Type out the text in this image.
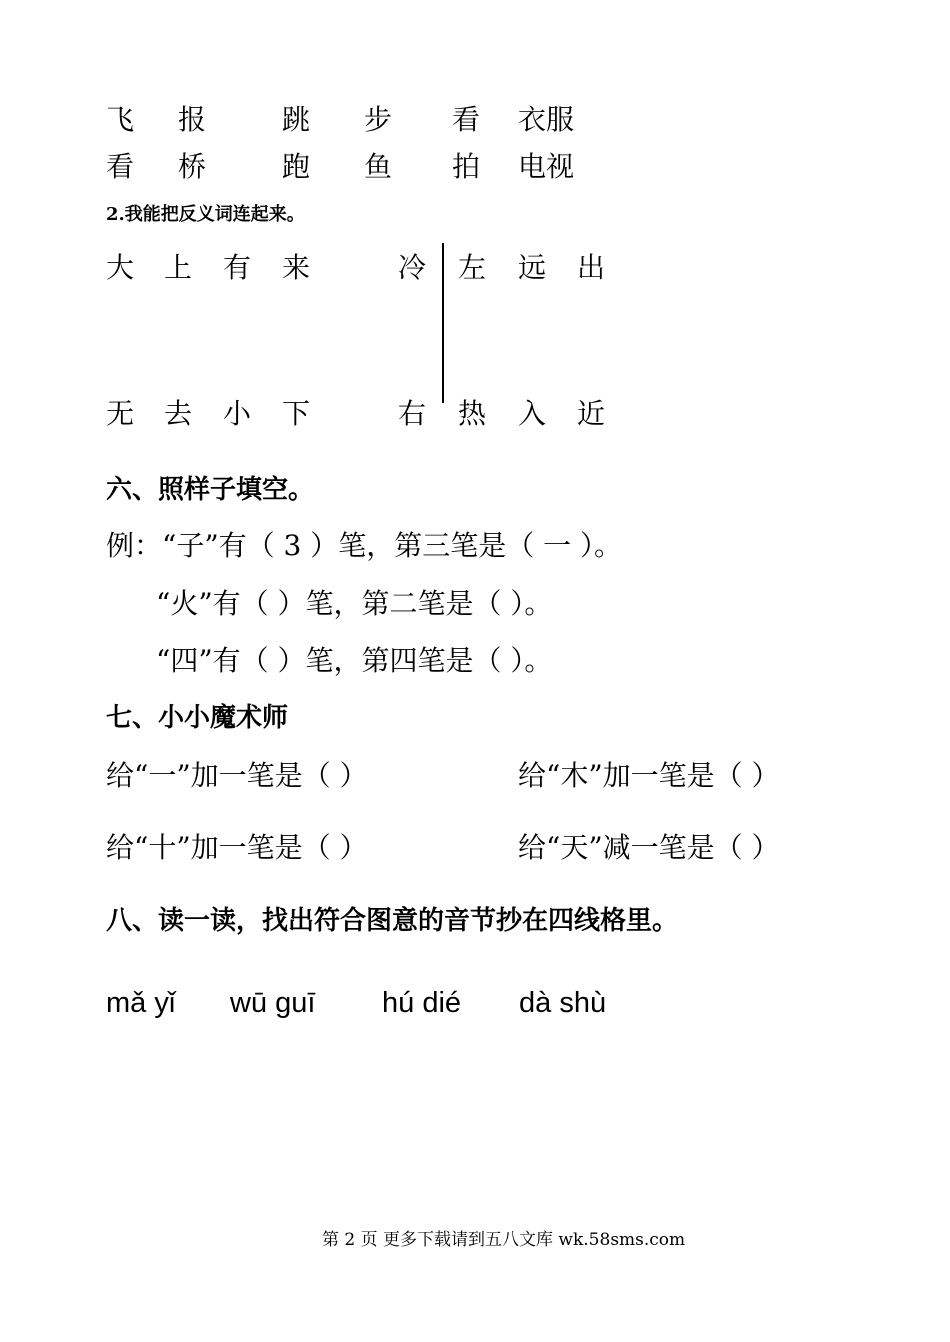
飞 报	跳 步 看 衣服
看 桥	跑 鱼 拍 电视
2.我能把反义词连起来。
大 上 有 来	冷 左 远 出
无 去 小 下	右 热 入 近
六、照样子填空。
例：“子”有（ 3 ）笔，第三笔是（ 一 ）。
“火”有（ ）笔，第二笔是（ ）。
“四”有（ ）笔，第四笔是（ ）。
七、小小魔术师
给“一”加一笔是（ ）	给“木”加一笔是（ ）
给“十”加一笔是（ ）	给“天”减一笔是（ ）
八、读一读，找出符合图意的音节抄在四线格里。
mǎ yǐ wū guī hú dié dà shù
第 2 页 更多下载请到五八文库 wk.58sms.com
